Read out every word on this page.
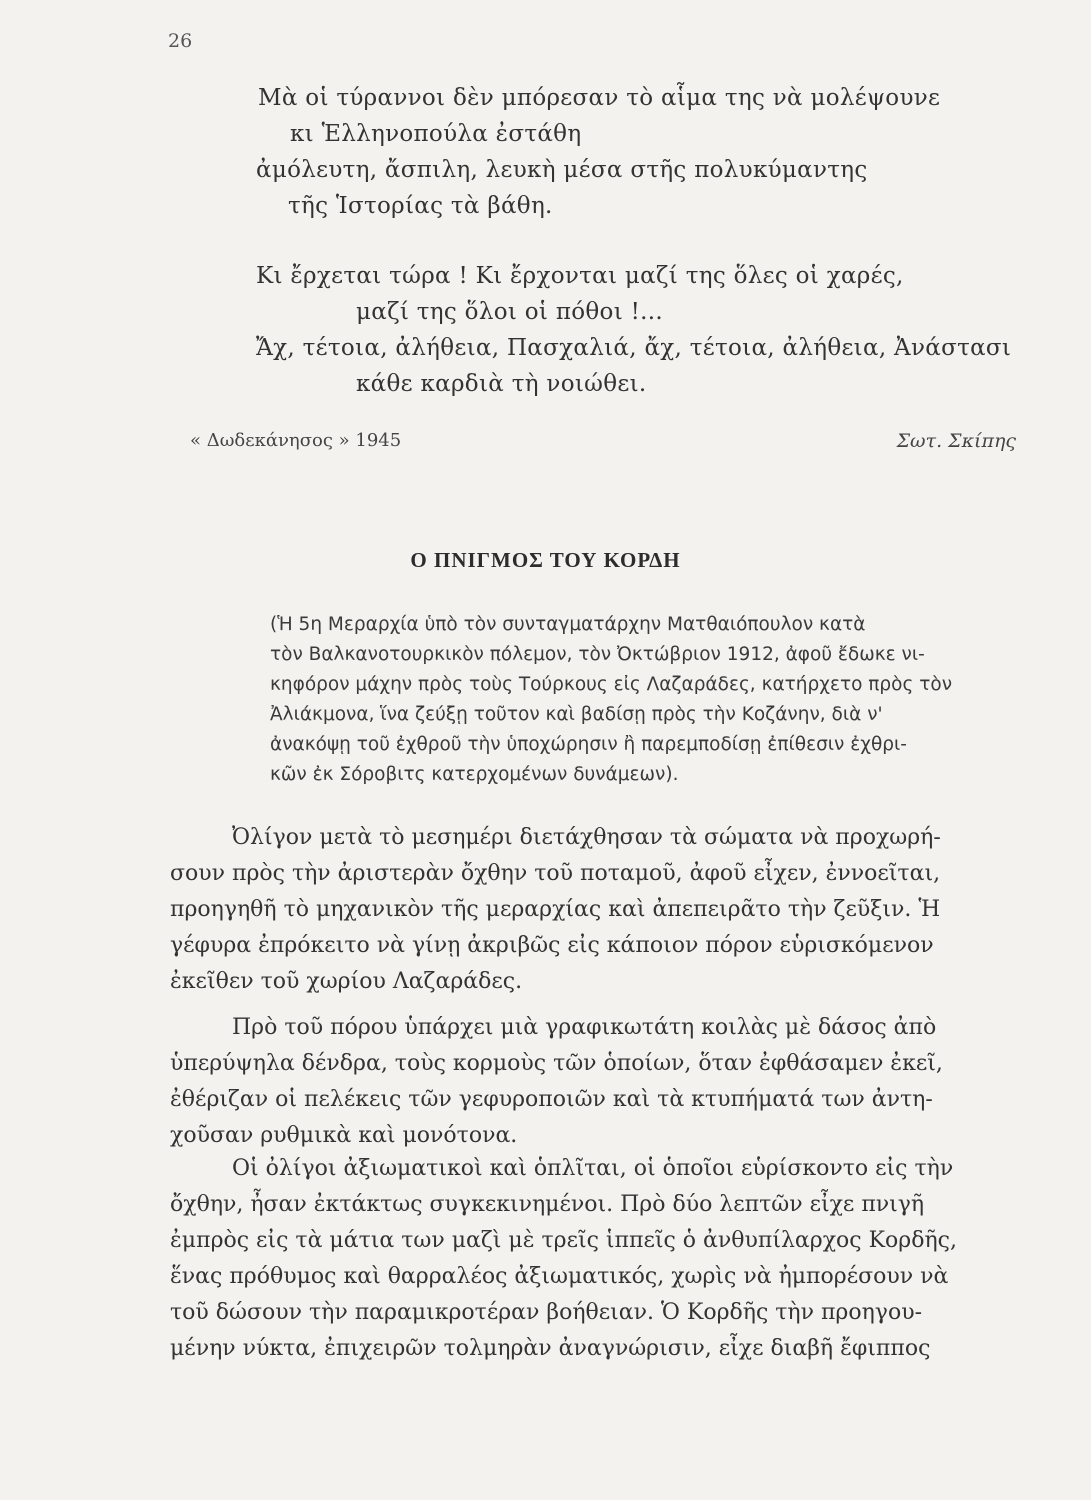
26
Μὰ οἱ τύραννοι δὲν μπόρεσαν τὸ αἷμα της νὰ μολέψουνε
κι Ἑλληνοπούλα ἐστάθη
ἀμόλευτη, ἄσπιλη, λευκὴ μέσα στῆς πολυκύμαντης
τῆς Ἱστορίας τὰ βάθη.
Κι ἔρχεται τώρα ! Κι ἔρχονται μαζί της ὅλες οἱ χαρές,
μαζί της ὅλοι οἱ πόθοι !...
Ἄχ, τέτοια, ἀλήθεια, Πασχαλιά, ἄχ, τέτοια, ἀλήθεια, Ἀνάστασι
κάθε καρδιὰ τὴ νοιώθει.
« Δωδεκάνησος » 1945	Σωτ. Σκίπης
Ο ΠΝΙΓΜΟΣ ΤΟΥ ΚΟΡΔΗ
(Ἡ 5η Μεραρχία ὑπὸ τὸν συνταγματάρχην Ματθαιόπουλον κατὰ
τὸν Βαλκανοτουρκικὸν πόλεμον, τὸν Ὀκτώβριον 1912, ἀφοῦ ἔδωκε νι-
κηφόρον μάχην πρὸς τοὺς Τούρκους εἰς Λαζαράδες, κατήρχετο πρὸς τὸν
Ἀλιάκμονα, ἵνα ζεύξῃ τοῦτον καὶ βαδίσῃ πρὸς τὴν Κοζάνην, διὰ ν'
ἀνακόψῃ τοῦ ἐχθροῦ τὴν ὑποχώρησιν ἢ παρεμποδίσῃ ἐπίθεσιν ἐχθρι-
κῶν ἐκ Σόροβιτς κατερχομένων δυνάμεων).
Ὀλίγον μετὰ τὸ μεσημέρι διετάχθησαν τὰ σώματα νὰ προχωρή-
σουν πρὸς τὴν ἀριστερὰν ὄχθην τοῦ ποταμοῦ, ἀφοῦ εἶχεν, ἐννοεῖται,
προηγηθῆ τὸ μηχανικὸν τῆς μεραρχίας καὶ ἀπεπειρᾶτο τὴν ζεῦξιν. Ἡ
γέφυρα ἐπρόκειτο νὰ γίνῃ ἀκριβῶς εἰς κάποιον πόρον εὑρισκόμενον
ἐκεῖθεν τοῦ χωρίου Λαζαράδες.
Πρὸ τοῦ πόρου ὑπάρχει μιὰ γραφικωτάτη κοιλὰς μὲ δάσος ἀπὸ
ὑπερύψηλα δένδρα, τοὺς κορμοὺς τῶν ὁποίων, ὅταν ἐφθάσαμεν ἐκεῖ,
ἐθέριζαν οἱ πελέκεις τῶν γεφυροποιῶν καὶ τὰ κτυπήματά των ἀντη-
χοῦσαν ρυθμικὰ καὶ μονότονα.
Οἱ ὀλίγοι ἀξιωματικοὶ καὶ ὁπλῖται, οἱ ὁποῖοι εὑρίσκοντο εἰς τὴν
ὄχθην, ἦσαν ἐκτάκτως συγκεκινημένοι. Πρὸ δύο λεπτῶν εἶχε πνιγῆ
ἐμπρὸς εἰς τὰ μάτια των μαζὶ μὲ τρεῖς ἱππεῖς ὁ ἀνθυπίλαρχος Κορδῆς,
ἕνας πρόθυμος καὶ θαρραλέος ἀξιωματικός, χωρὶς νὰ ἠμπορέσουν νὰ
τοῦ δώσουν τὴν παραμικροτέραν βοήθειαν. Ὁ Κορδῆς τὴν προηγου-
μένην νύκτα, ἐπιχειρῶν τολμηρὰν ἀναγνώρισιν, εἶχε διαβῆ ἔφιππος
